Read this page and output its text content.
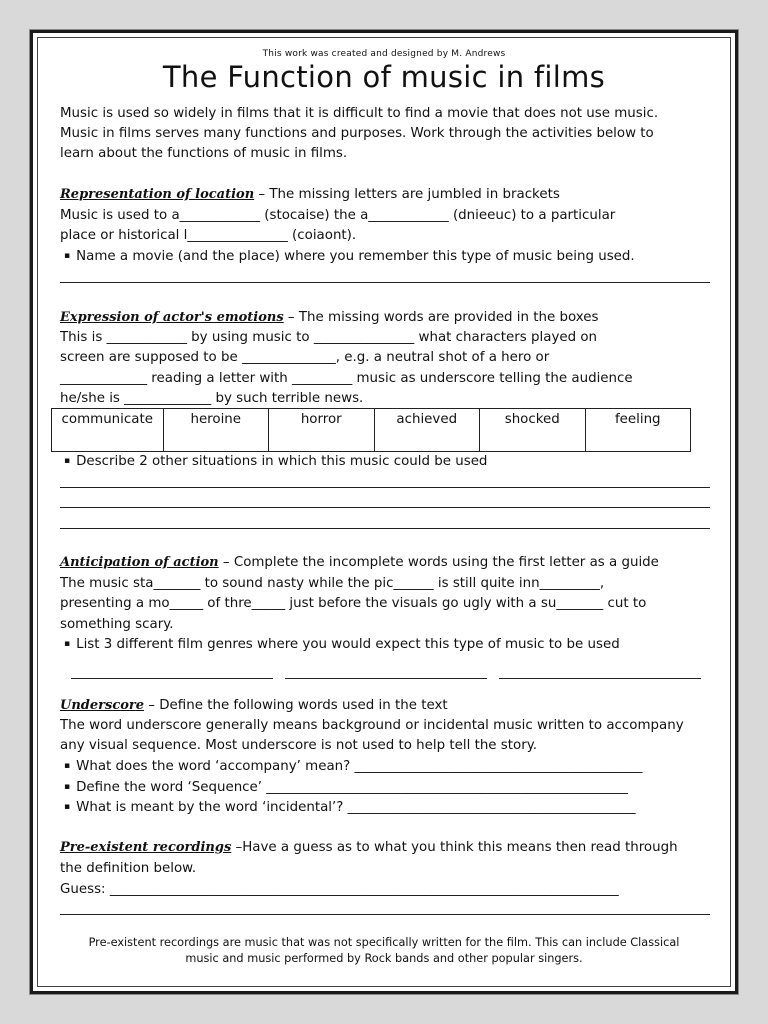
This work was created and designed by M. Andrews
The Function of music in films
Music is used so widely in films that it is difficult to find a movie that does not use music.
Music in films serves many functions and purposes. Work through the activities below to
learn about the functions of music in films.
Representation of location – The missing letters are jumbled in brackets
Music is used to a____________ (stocaise) the a____________ (dnieeuc) to a particular
place or historical l_______________ (coiaont).
▪ Name a movie (and the place) where you remember this type of music being used.
Expression of actor's emotions – The missing words are provided in the boxes
This is ____________ by using music to _______________ what characters played on
screen are supposed to be ______________, e.g. a neutral shot of a hero or
_____________ reading a letter with _________ music as underscore telling the audience
he/she is _____________ by such terrible news.
communicate	heroine	horror	achieved	shocked	feeling
▪ Describe 2 other situations in which this music could be used
Anticipation of action – Complete the incomplete words using the first letter as a guide
The music sta_______ to sound nasty while the pic______ is still quite inn_________,
presenting a mo_____ of thre_____ just before the visuals go ugly with a su_______ cut to
something scary.
▪ List 3 different film genres where you would expect this type of music to be used
Underscore – Define the following words used in the text
The word underscore generally means background or incidental music written to accompany
any visual sequence. Most underscore is not used to help tell the story.
▪ What does the word ‘accompany’ mean? ___________________________________________
▪ Define the word ‘Sequence’ ______________________________________________________
▪ What is meant by the word ‘incidental’? ___________________________________________
Pre-existent recordings –Have a guess as to what you think this means then read through
the definition below.
Guess: ____________________________________________________________________________
Pre-existent recordings are music that was not specifically written for the film. This can include Classical
music and music performed by Rock bands and other popular singers.
